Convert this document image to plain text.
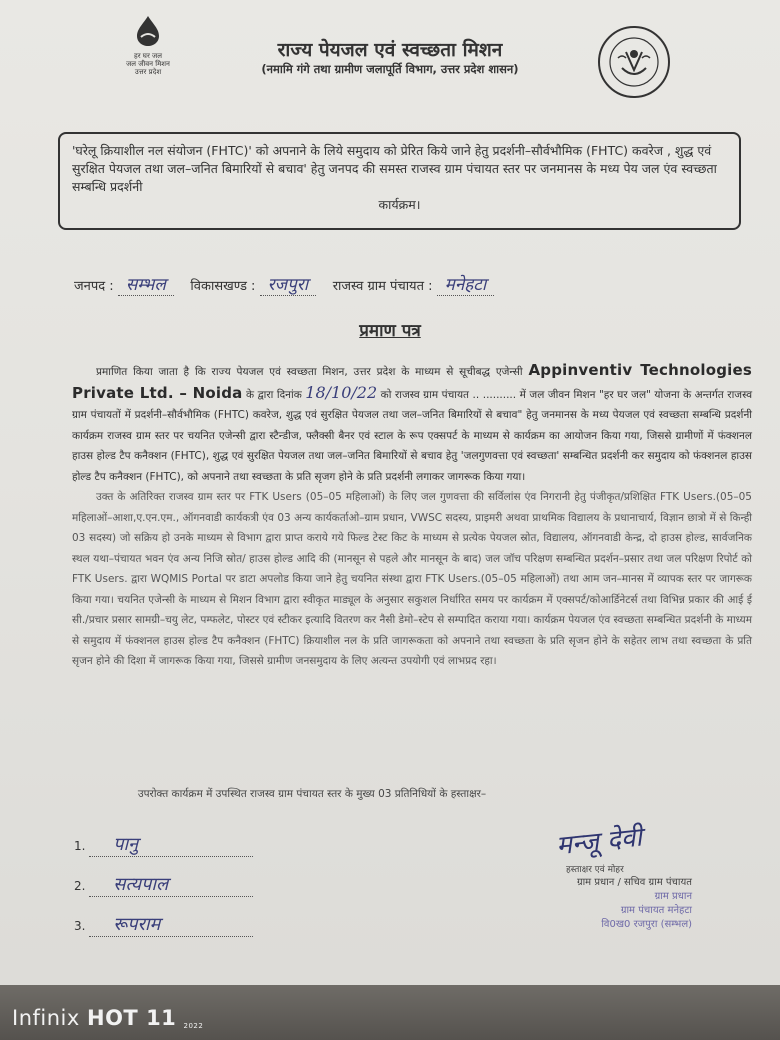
हर घर जल
जल जीवन मिशन
उत्तर प्रदेश
राज्य पेयजल एवं स्वच्छता मिशन
(नमामि गंगे तथा ग्रामीण जलापूर्ति विभाग, उत्तर प्रदेश शासन)
'घरेलू क्रियाशील नल संयोजन (FHTC)' को अपनाने के लिये समुदाय को प्रेरित किये जाने हेतु प्रदर्शनी–सौर्वभौमिक (FHTC) कवरेज , शुद्ध एवं सुरक्षित पेयजल तथा जल–जनित बिमारियों से बचाव' हेतु जनपद की समस्त राजस्व ग्राम पंचायत स्तर पर जनमानस के मध्य पेय जल एंव स्वच्छता सम्बन्धि प्रदर्शनी
कार्यक्रम।
जनपद : सम्भल विकासखण्ड : रजपुरा राजस्व ग्राम पंचायत : मनेहटा
प्रमाण पत्र

प्रमाणित किया जाता है कि राज्य पेयजल एवं स्वच्छता मिशन, उत्तर प्रदेश के माध्यम से सूचीबद्ध एजेन्सी Appinventiv Technologies Private Ltd. – Noida के द्वारा दिनांक 18/10/22 को राजस्व ग्राम पंचायत .. .......... में जल जीवन मिशन "हर घर जल" योजना के अन्तर्गत राजस्व ग्राम पंचायतों में प्रदर्शनी–सौर्वभौमिक (FHTC) कवरेज, शुद्ध एवं सुरक्षित पेयजल तथा जल–जनित बिमारियों से बचाव" हेतु जनमानस के मध्य पेयजल एवं स्वच्छता सम्बन्धि प्रदर्शनी कार्यक्रम राजस्व ग्राम स्तर पर चयनित एजेन्सी द्वारा स्टैन्डीज, फ्लैक्सी बैनर एवं स्टाल के रूप एक्सपर्ट के माध्यम से कार्यक्रम का आयोजन किया गया, जिससे ग्रामीणों में फंक्शनल हाउस होल्ड टैप कनैक्शन (FHTC), शुद्ध एवं सुरक्षित पेयजल तथा जल–जनित बिमारियों से बचाव हेतु 'जलगुणवत्ता एवं स्वच्छता' सम्बन्धित प्रदर्शनी कर समुदाय को फंक्शनल हाउस होल्ड टैप कनैक्शन (FHTC), को अपनाने तथा स्वच्छता के प्रति सृजग होने के प्रति प्रदर्शनी लगाकर जागरूक किया गया।

उक्त के अतिरिक्त राजस्व ग्राम स्तर पर FTK Users (05–05 महिलाओं) के लिए जल गुणवत्ता की सर्विलांस एंव निगरानी हेतु पंजीकृत/प्रशिक्षित FTK Users.(05–05 महिलाओं–आशा,ए.एन.एम., ऑगनवाडी कार्यकत्री एंव 03 अन्य कार्यकर्ताओ–ग्राम प्रधान, VWSC सदस्य, प्राइमरी अथवा प्राथमिक विद्यालय के प्रधानाचार्य, विज्ञान छात्रो में से किन्ही 03 सदस्य) जो सक्रिय हो उनके माध्यम से विभाग द्वारा प्राप्त कराये गये फिल्ड टेस्ट किट के माध्यम से प्रत्येक पेयजल स्रोत, विद्यालय, ऑगनवाडी केन्द्र, दो हाउस होल्ड, सार्वजनिक स्थल यथा–पंचायत भवन एंव अन्य निजि स्रोत/ हाउस होल्ड आदि की (मानसून से पहले और मानसून के बाद) जल जॉच परिक्षण सम्बन्धित प्रदर्शन–प्रसार तथा जल परिक्षण रिपोर्ट को FTK Users. द्वारा WQMIS Portal पर डाटा अपलोड किया जाने हेतु चयनित संस्था द्वारा FTK Users.(05–05 महिलाओं) तथा आम जन–मानस में व्यापक स्तर पर जागरूक किया गया। चयनित एजेन्सी के माध्यम से मिशन विभाग द्वारा स्वीकृत माड्यूल के अनुसार सकुशल निर्धारित समय पर कार्यक्रम में एक्सपर्ट/कोआर्डिनेटर्स तथा विभिन्न प्रकार की आई ई सी./प्रचार प्रसार सामग्री–चयु लेट, पम्फलेट, पोस्टर एवं स्टीकर इत्यादि वितरण कर नैसी डेमो–स्टेप से सम्पादित कराया गया। कार्यक्रम पेयजल एंव स्वच्छता सम्बन्धित प्रदर्शनी के माध्यम से समुदाय में फंक्शनल हाउस होल्ड टैप कनैक्शन (FHTC) क्रियाशील नल के प्रति जागरूकता को अपनाने तथा स्वच्छता के प्रति सृजन होने के सहेतर लाभ तथा स्वच्छता के प्रति सृजन होने की दिशा में जागरूक किया गया, जिससे ग्रामीण जनसमुदाय के लिए अत्यन्त उपयोगी एवं लाभप्रद रहा।

उपरोक्त कार्यक्रम में उपस्थित राजस्व ग्राम पंचायत स्तर के मुख्य 03 प्रतिनिधियों के हस्ताक्षर–
1. पानु
2. सत्यपाल
3. रूपराम
मन्जू देवी
हस्ताक्षर एवं मोहर
ग्राम प्रधान / सचिव ग्राम पंचायत
ग्राम प्रधान
ग्राम पंचायत मनेहटा
वि0ख0 रजपुरा (सम्भल)
Infinix HOT 11 2022
